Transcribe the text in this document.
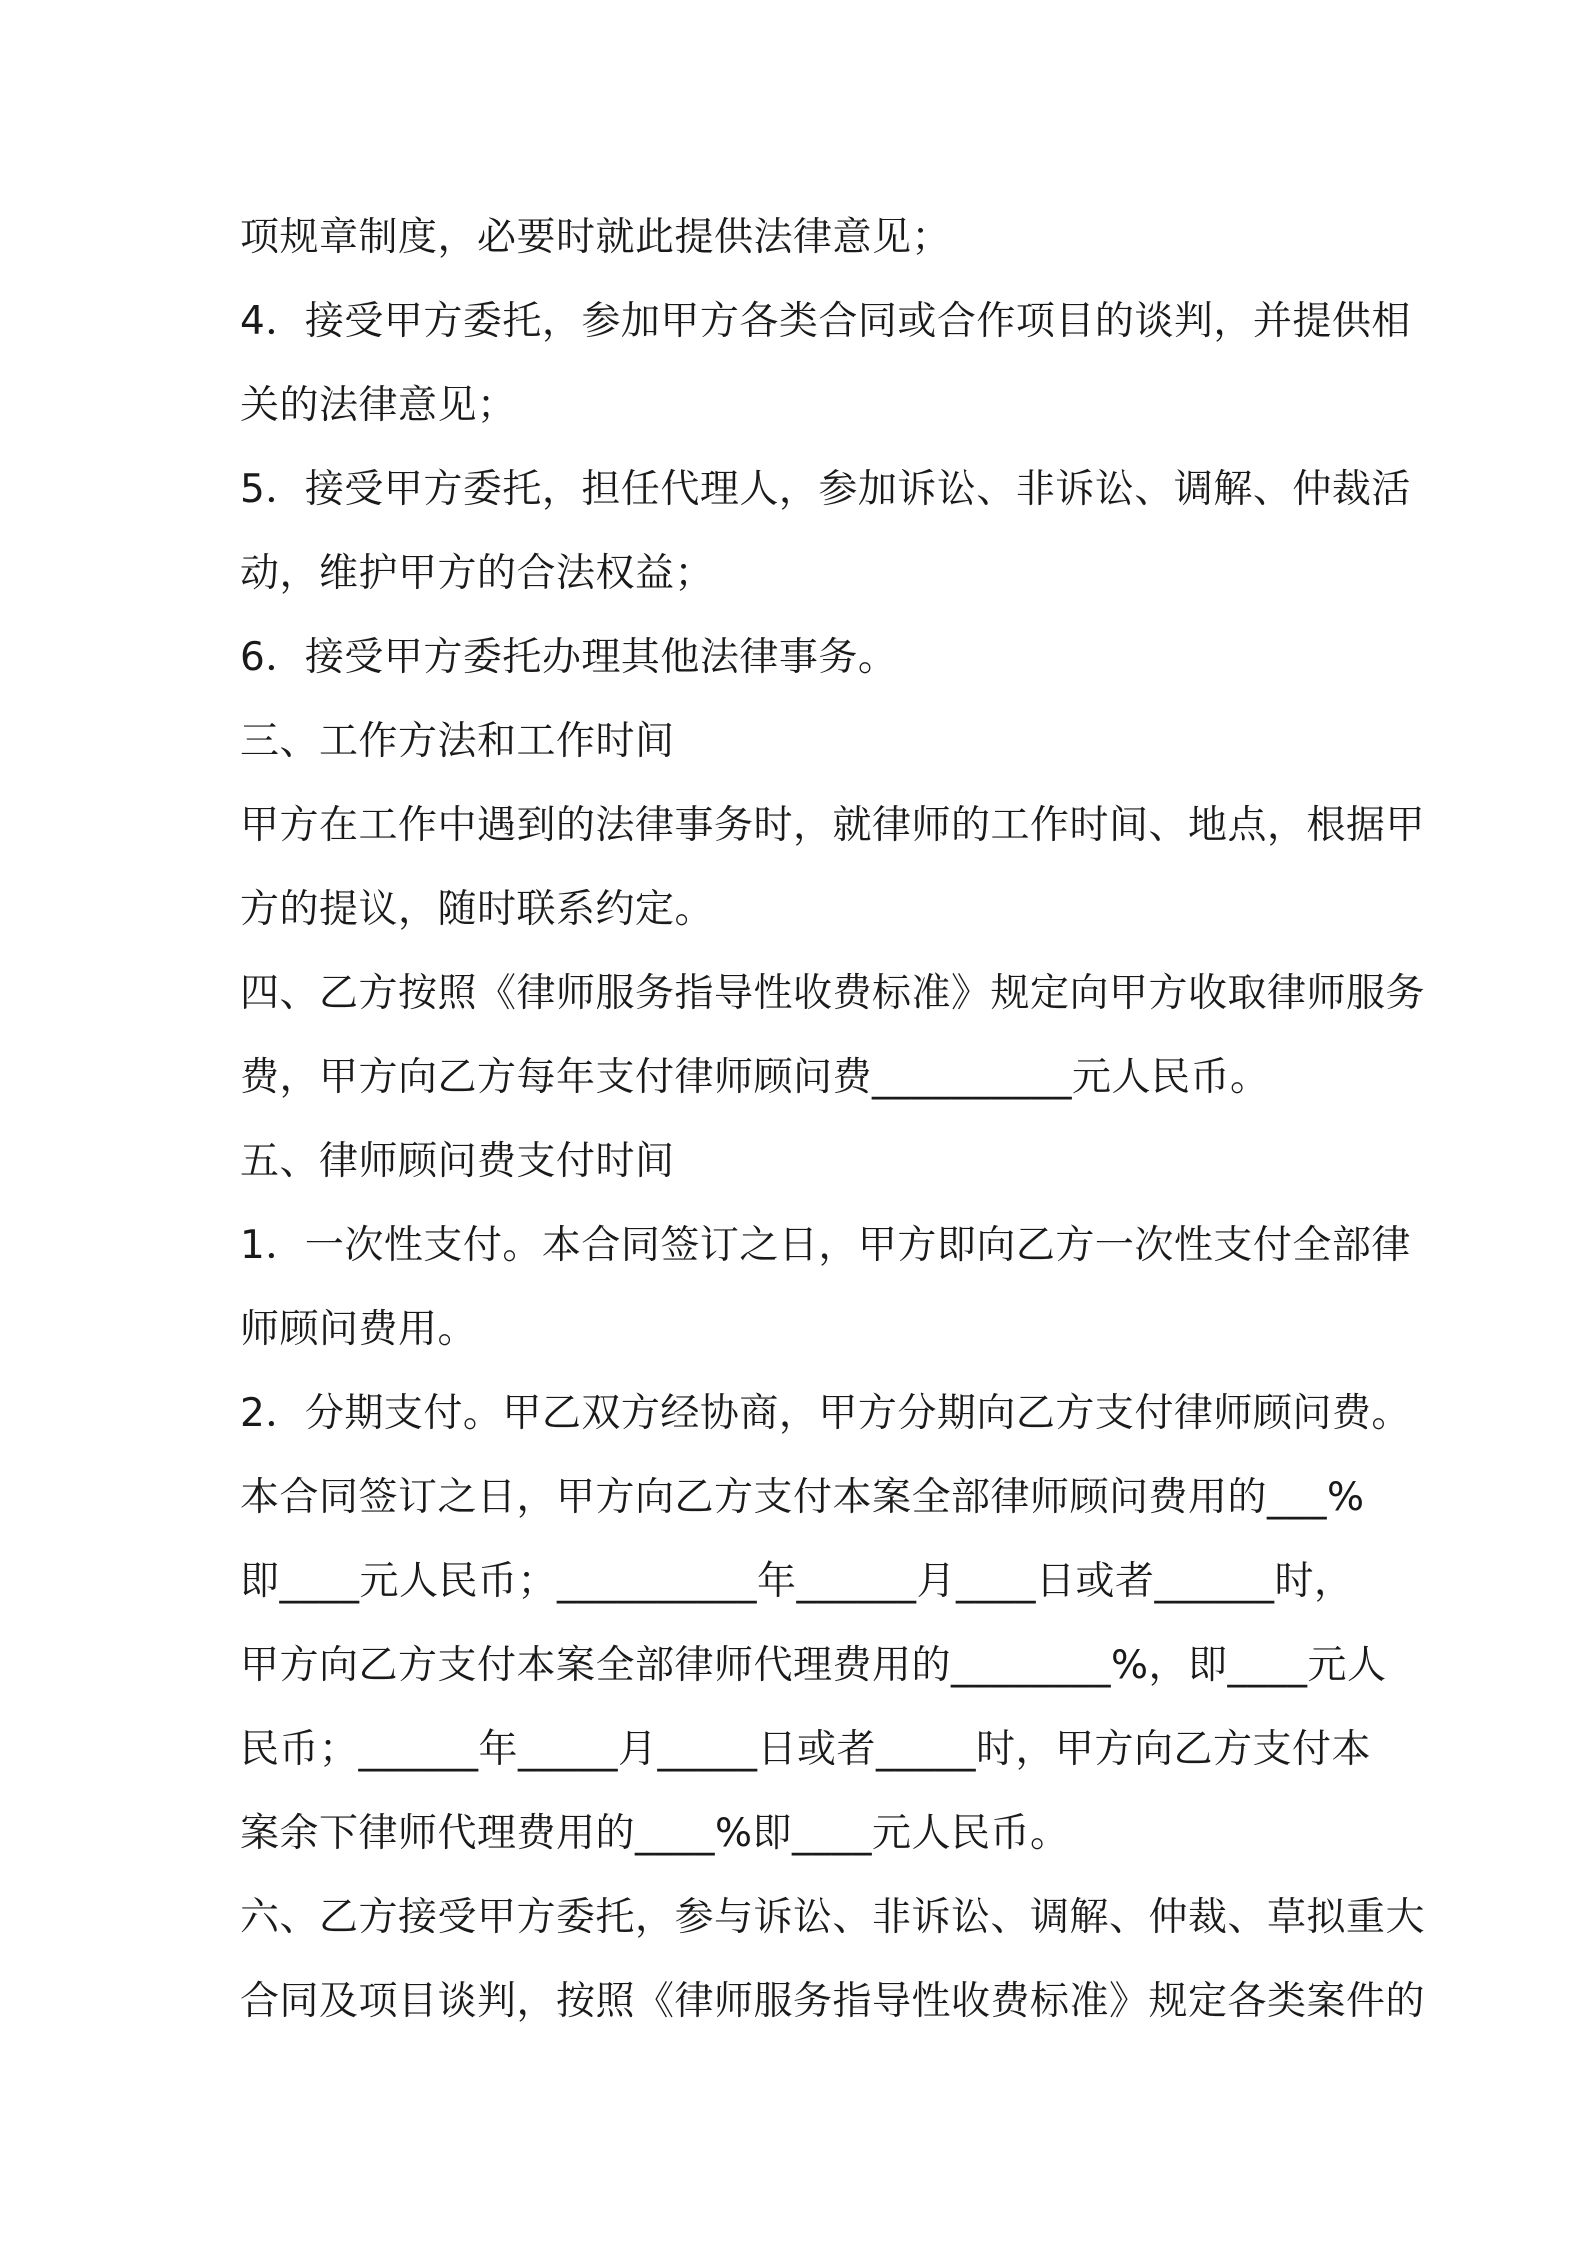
项规章制度，必要时就此提供法律意见；
4．接受甲方委托，参加甲方各类合同或合作项目的谈判，并提供相
关的法律意见；
5．接受甲方委托，担任代理人，参加诉讼、非诉讼、调解、仲裁活
动，维护甲方的合法权益；
6．接受甲方委托办理其他法律事务。
三、工作方法和工作时间
甲方在工作中遇到的法律事务时，就律师的工作时间、地点，根据甲
方的提议，随时联系约定。
四、乙方按照《律师服务指导性收费标准》规定向甲方收取律师服务
费，甲方向乙方每年支付律师顾问费__________元人民币。
五、律师顾问费支付时间
1．一次性支付。本合同签订之日，甲方即向乙方一次性支付全部律
师顾问费用。
2．分期支付。甲乙双方经协商，甲方分期向乙方支付律师顾问费。
本合同签订之日，甲方向乙方支付本案全部律师顾问费用的___%
即____元人民币；__________年______月____日或者______时，
甲方向乙方支付本案全部律师代理费用的________%，即____元人
民币；______年_____月_____日或者_____时，甲方向乙方支付本
案余下律师代理费用的____%即____元人民币。
六、乙方接受甲方委托，参与诉讼、非诉讼、调解、仲裁、草拟重大
合同及项目谈判，按照《律师服务指导性收费标准》规定各类案件的
